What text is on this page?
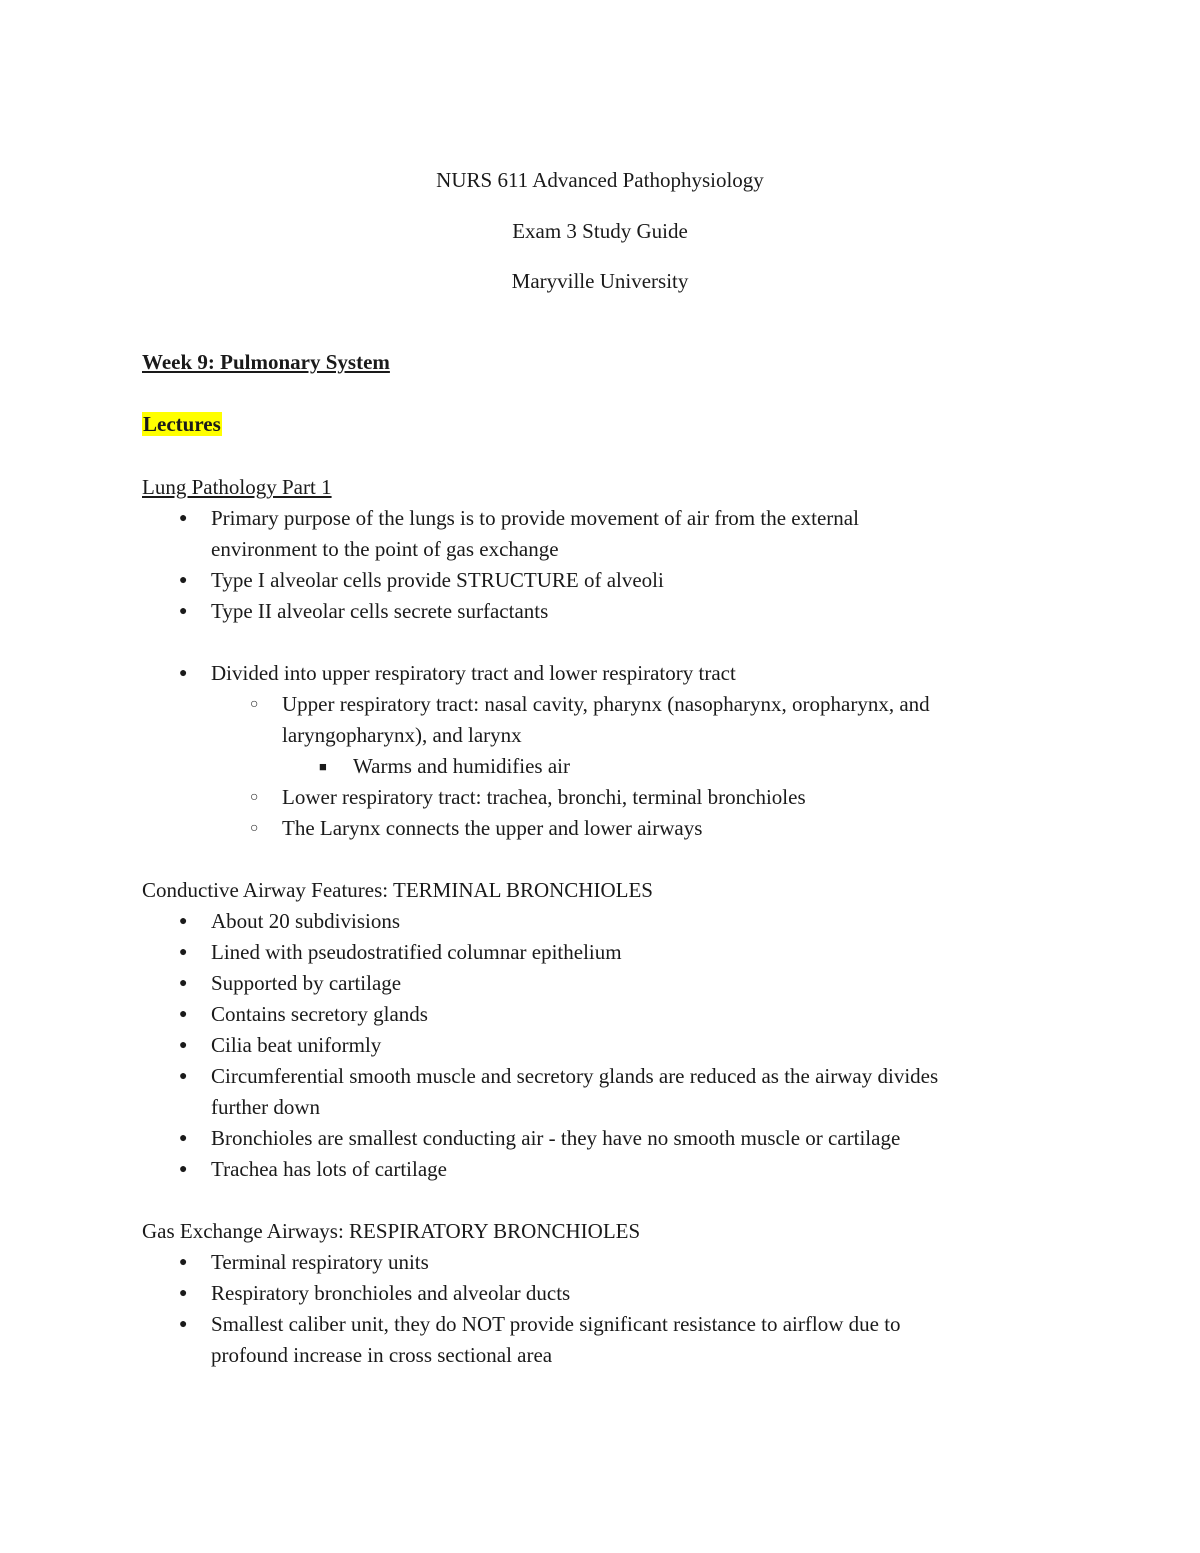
NURS 611 Advanced Pathophysiology
Exam 3 Study Guide
Maryville University
Week 9: Pulmonary System
Lectures
Lung Pathology Part 1
● Primary purpose of the lungs is to provide movement of air from the external
environment to the point of gas exchange
● Type I alveolar cells provide STRUCTURE of alveoli
● Type II alveolar cells secrete surfactants
● Divided into upper respiratory tract and lower respiratory tract
○ Upper respiratory tract: nasal cavity, pharynx (nasopharynx, oropharynx, and
laryngopharynx), and larynx
■ Warms and humidifies air
○ Lower respiratory tract: trachea, bronchi, terminal bronchioles
○ The Larynx connects the upper and lower airways
Conductive Airway Features: TERMINAL BRONCHIOLES
● About 20 subdivisions
● Lined with pseudostratified columnar epithelium
● Supported by cartilage
● Contains secretory glands
● Cilia beat uniformly
● Circumferential smooth muscle and secretory glands are reduced as the airway divides
further down
● Bronchioles are smallest conducting air - they have no smooth muscle or cartilage
● Trachea has lots of cartilage
Gas Exchange Airways: RESPIRATORY BRONCHIOLES
● Terminal respiratory units
● Respiratory bronchioles and alveolar ducts
● Smallest caliber unit, they do NOT provide significant resistance to airflow due to
profound increase in cross sectional area
